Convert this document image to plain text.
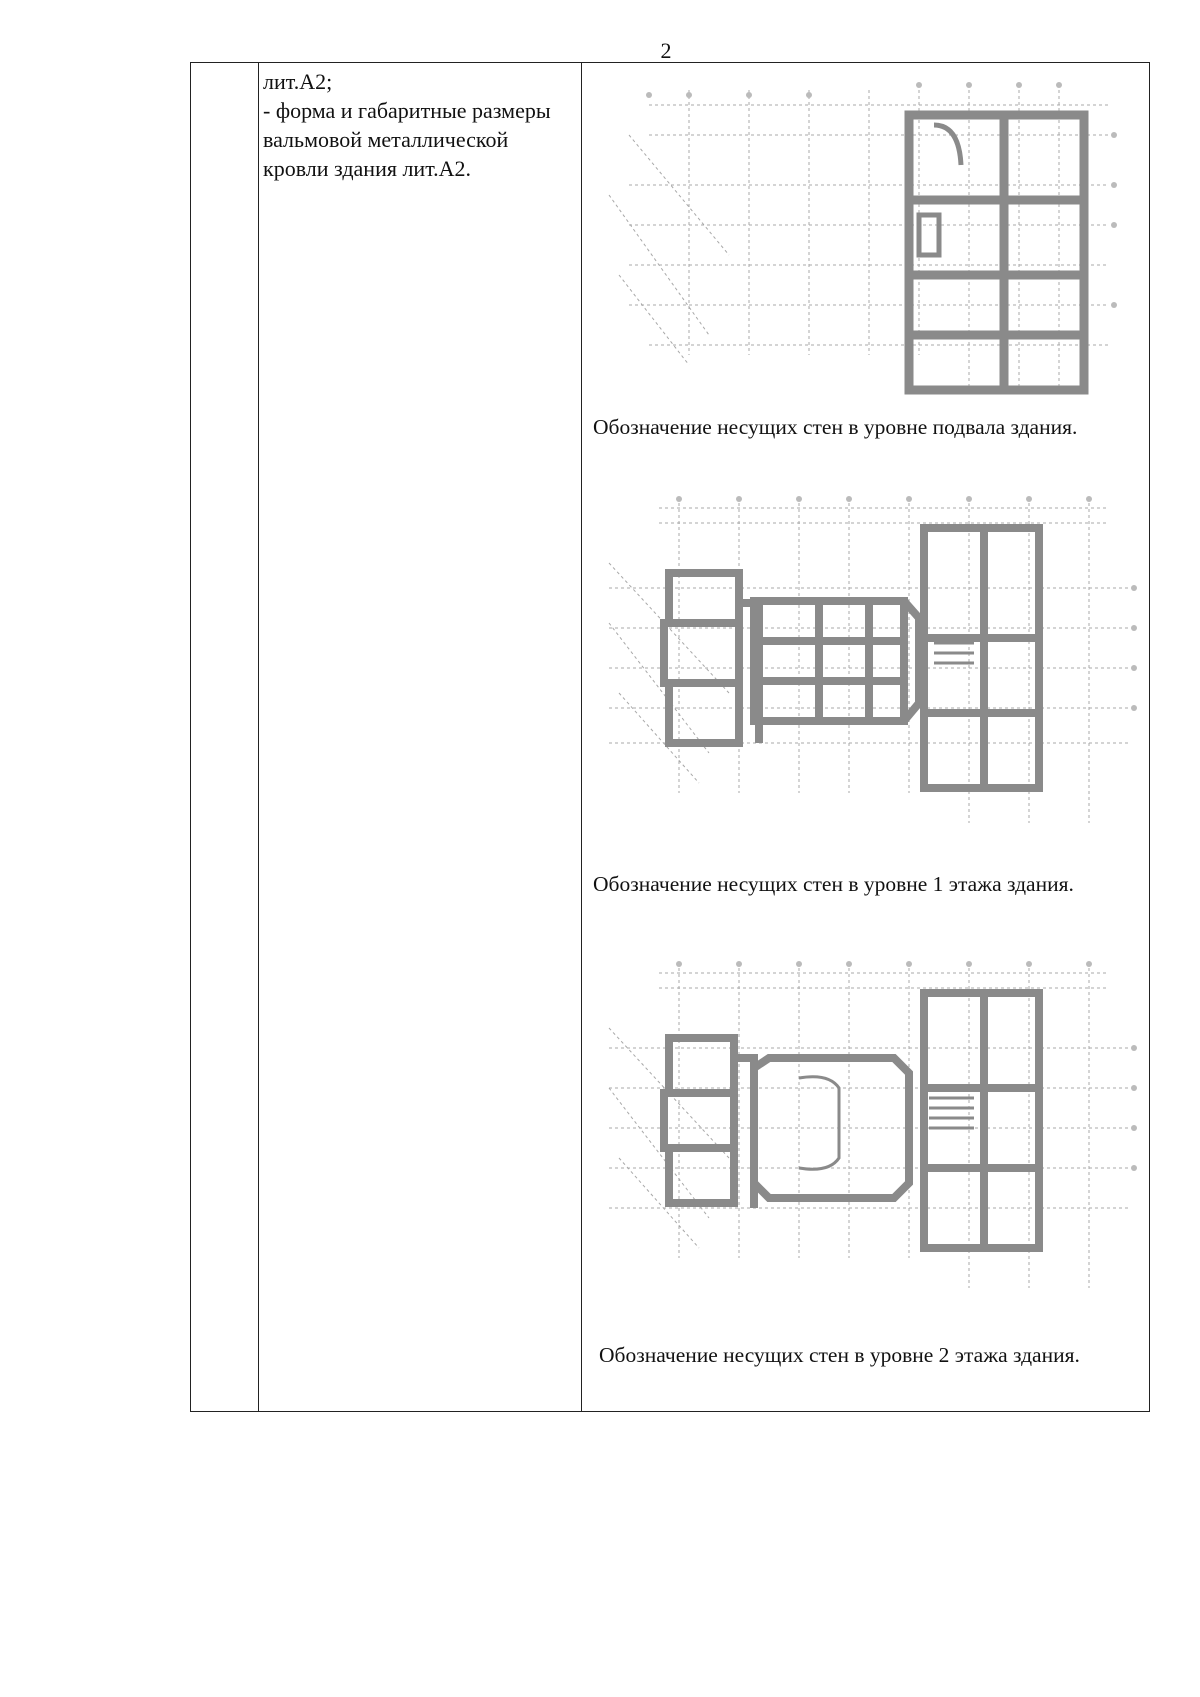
2

лит.А2;

- форма и габаритные размеры вальмовой металлической кровли здания лит.А2.

Обозначение несущих стен в уровне подвала здания.
Обозначение несущих стен в уровне 1 этажа здания.
Обозначение несущих стен в уровне 2 этажа здания.
